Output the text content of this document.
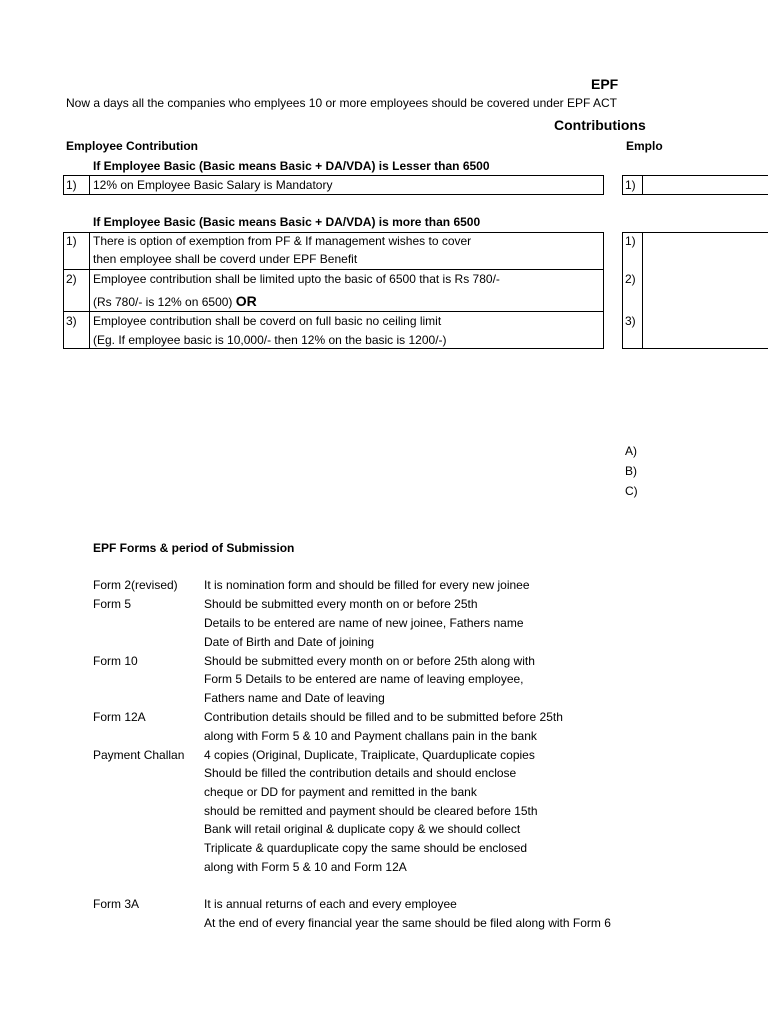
EPF
Now a days all the companies who emplyees 10 or more employees should be covered under EPF ACT
Contributions
Employee Contribution	Emplo
If Employee Basic (Basic means Basic + DA/VDA) is Lesser than 6500
1) 12% on Employee Basic Salary is Mandatory	1)
If Employee Basic (Basic means Basic + DA/VDA) is more than 6500
1) There is option of exemption from PF & If management wishes to cover
then employee shall be coverd under EPF Benefit
2) Employee contribution shall be limited upto the basic of 6500 that is Rs 780/-
(Rs 780/- is 12% on 6500) OR
3) Employee contribution shall be coverd on full basic no ceiling limit
(Eg. If employee basic is 10,000/- then 12% on the basic is 1200/-)
1)
2)
3)
A)
B)
C)
EPF Forms & period of Submission
Form 2(revised) It is nomination form and should be filled for every new joinee
Form 5	Should be submitted every month on or before 25th
Details to be entered are name of new joinee, Fathers name
Date of Birth and Date of joining
Form 10	Should be submitted every month on or before 25th along with
Form 5 Details to be entered are name of leaving employee,
Fathers name and Date of leaving
Form 12A	Contribution details should be filled and to be submitted before 25th
along with Form 5 & 10 and Payment challans pain in the bank
Payment Challan 4 copies (Original, Duplicate, Traiplicate, Quarduplicate copies
Should be filled the contribution details and should enclose
cheque or DD for payment and remitted in the bank
should be remitted and payment should be cleared before 15th
Bank will retail original & duplicate copy & we should collect
Triplicate & quarduplicate copy the same should be enclosed
along with Form 5 & 10 and Form 12A
Form 3A	It is annual returns of each and every employee
At the end of every financial year the same should be filed along with Form 6
